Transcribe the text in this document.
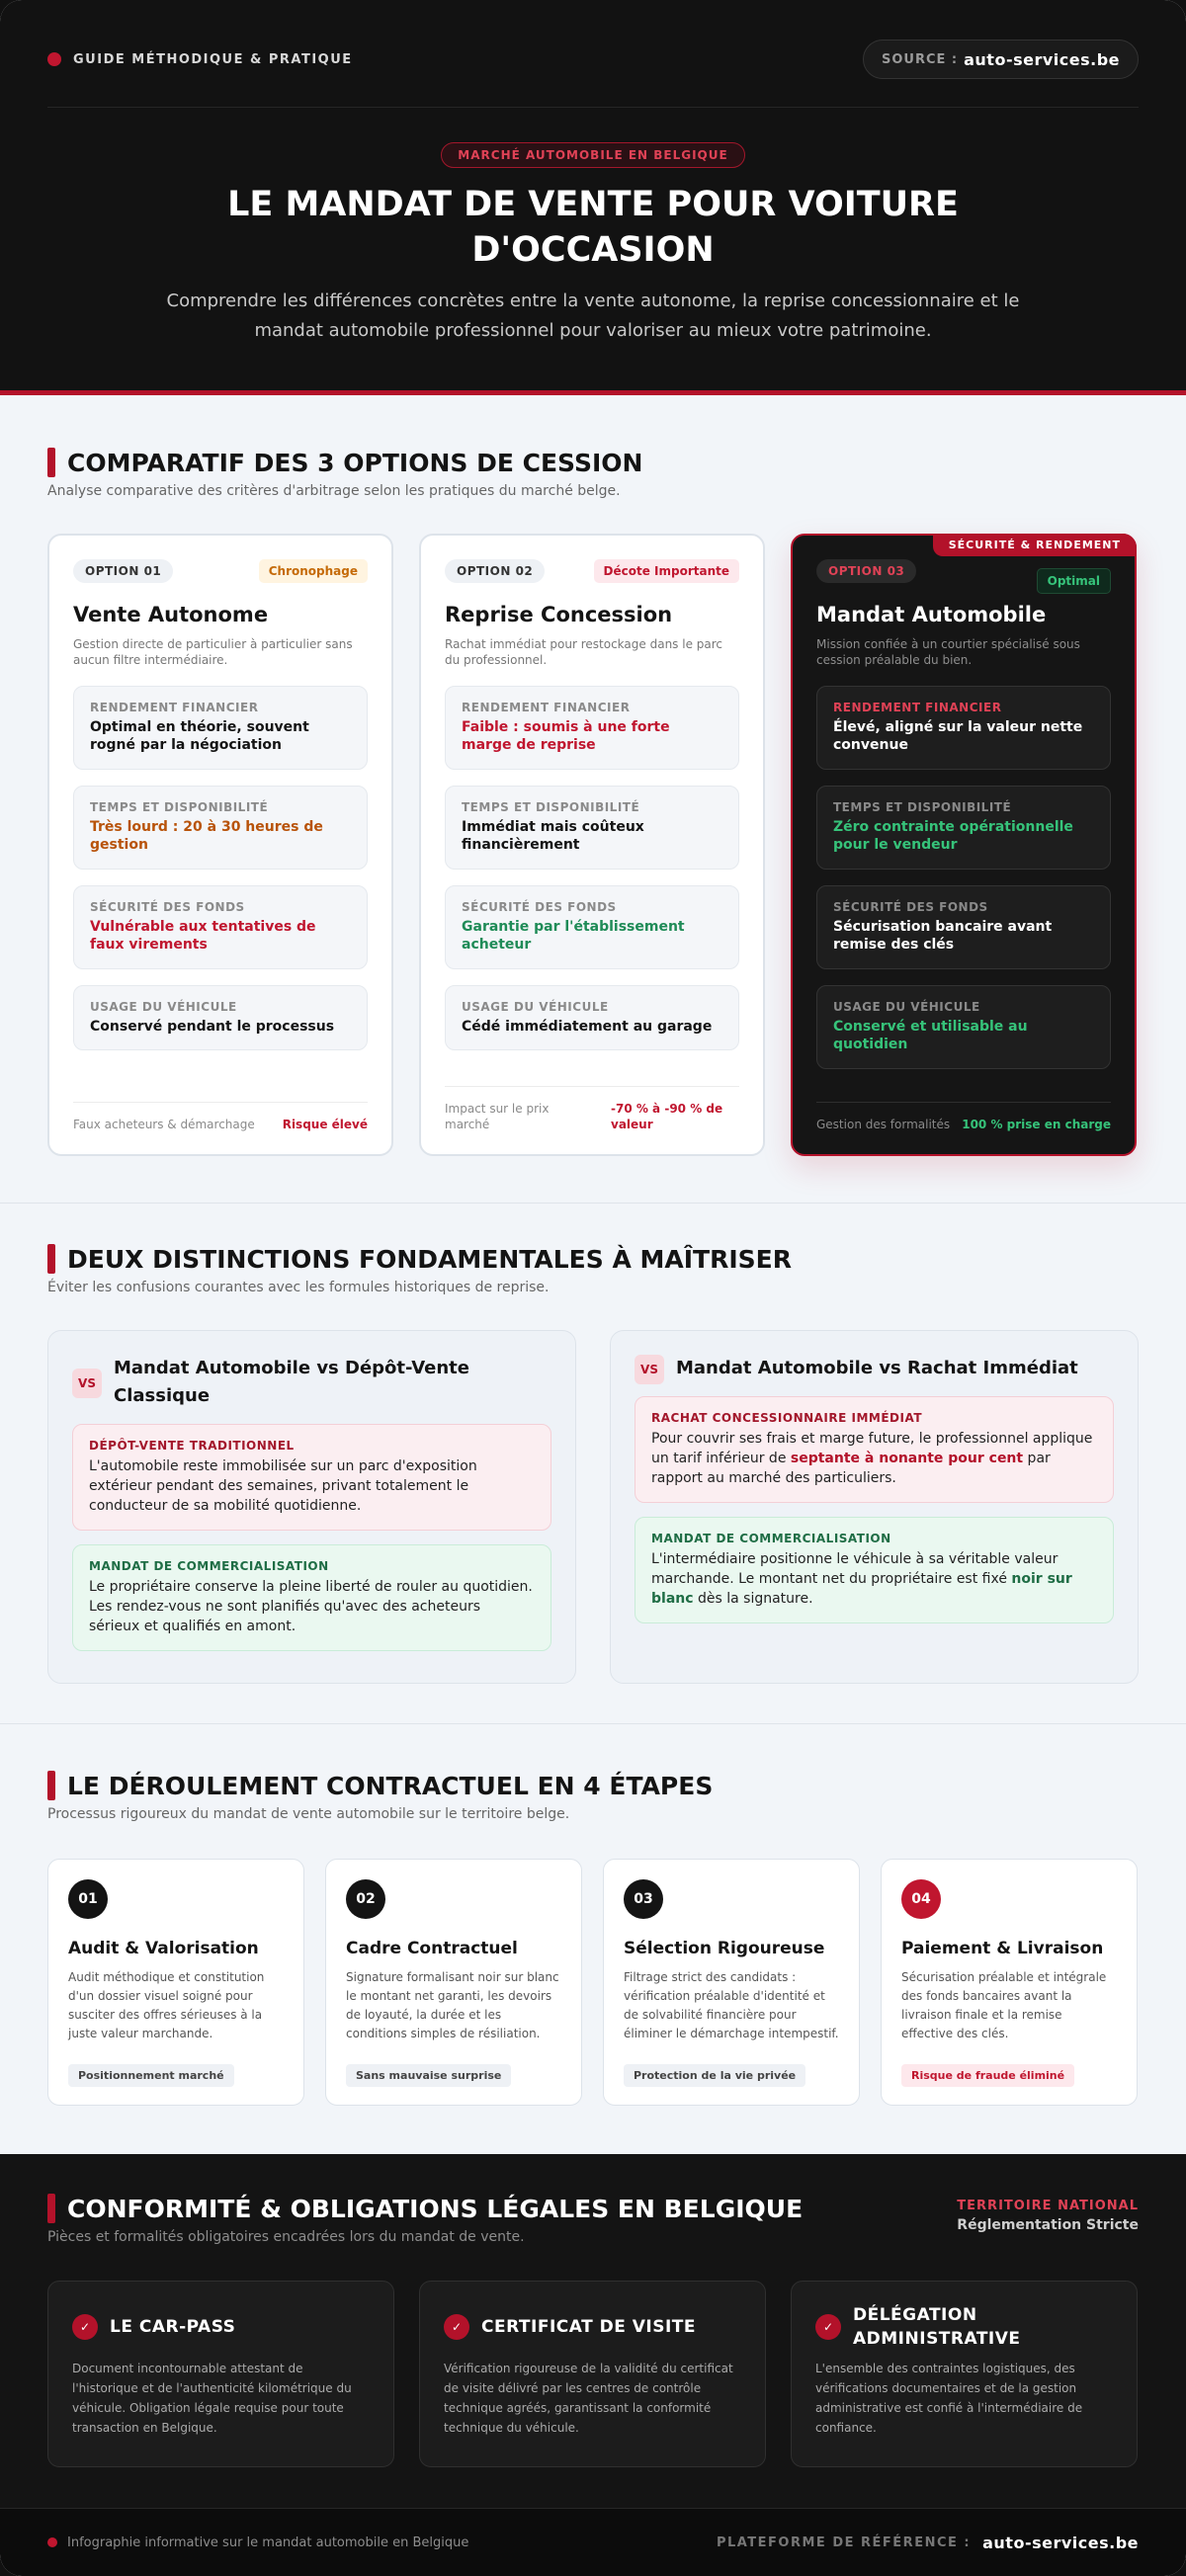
GUIDE MÉTHODIQUE & PRATIQUE	SOURCE : auto-services.be
MARCHÉ AUTOMOBILE EN BELGIQUE
LE MANDAT DE VENTE POUR VOITURE D'OCCASION

Comprendre les différences concrètes entre la vente autonome, la reprise concessionnaire et le mandat automobile professionnel pour valoriser au mieux votre patrimoine.

COMPARATIF DES 3 OPTIONS DE CESSION
Analyse comparative des critères d'arbitrage selon les pratiques du marché belge.
OPTION 01	Chronophage
Vente Autonome
Gestion directe de particulier à particulier sans aucun filtre intermédiaire.
RENDEMENT FINANCIER
Optimal en théorie, souvent rogné par la négociation
TEMPS ET DISPONIBILITÉ
Très lourd : 20 à 30 heures de gestion
SÉCURITÉ DES FONDS
Vulnérable aux tentatives de faux virements
USAGE DU VÉHICULE
Conservé pendant le processus
Faux acheteurs & démarchage Risque élevé
OPTION 02	Décote Importante
Reprise Concession
Rachat immédiat pour restockage dans le parc du professionnel.
RENDEMENT FINANCIER
Faible : soumis à une forte marge de reprise
TEMPS ET DISPONIBILITÉ
Immédiat mais coûteux financièrement
SÉCURITÉ DES FONDS
Garantie par l'établissement acheteur
USAGE DU VÉHICULE
Cédé immédiatement au garage
Impact sur le prix marché
-70 % à -90 % de valeur
SÉCURITÉ & RENDEMENT
OPTION 03
Optimal
Mandat Automobile
Mission confiée à un courtier spécialisé sous cession préalable du bien.
RENDEMENT FINANCIER
Élevé, aligné sur la valeur nette convenue
TEMPS ET DISPONIBILITÉ
Zéro contrainte opérationnelle pour le vendeur
SÉCURITÉ DES FONDS
Sécurisation bancaire avant remise des clés
USAGE DU VÉHICULE
Conservé et utilisable au quotidien
Gestion des formalités 100 % prise en charge
DEUX DISTINCTIONS FONDAMENTALES À MAÎTRISER
Éviter les confusions courantes avec les formules historiques de reprise.
VS
Mandat Automobile vs Dépôt-Vente Classique
DÉPÔT-VENTE TRADITIONNEL
L'automobile reste immobilisée sur un parc d'exposition extérieur pendant des semaines, privant totalement le conducteur de sa mobilité quotidienne.
MANDAT DE COMMERCIALISATION
Le propriétaire conserve la pleine liberté de rouler au quotidien. Les rendez-vous ne sont planifiés qu'avec des acheteurs sérieux et qualifiés en amont.
VS	Mandat Automobile vs Rachat Immédiat
RACHAT CONCESSIONNAIRE IMMÉDIAT
Pour couvrir ses frais et marge future, le professionnel applique un tarif inférieur de septante à nonante pour cent par rapport au marché des particuliers.
MANDAT DE COMMERCIALISATION
L'intermédiaire positionne le véhicule à sa véritable valeur marchande. Le montant net du propriétaire est fixé noir sur blanc dès la signature.
LE DÉROULEMENT CONTRACTUEL EN 4 ÉTAPES
Processus rigoureux du mandat de vente automobile sur le territoire belge.
01
Audit & Valorisation
Audit méthodique et constitution d'un dossier visuel soigné pour susciter des offres sérieuses à la juste valeur marchande.
Positionnement marché
02
Cadre Contractuel
Signature formalisant noir sur blanc le montant net garanti, les devoirs de loyauté, la durée et les conditions simples de résiliation.
Sans mauvaise surprise
03
Sélection Rigoureuse
Filtrage strict des candidats : vérification préalable d'identité et de solvabilité financière pour éliminer le démarchage intempestif.
Protection de la vie privée
04
Paiement & Livraison
Sécurisation préalable et intégrale des fonds bancaires avant la livraison finale et la remise effective des clés.
Risque de fraude éliminé
CONFORMITÉ & OBLIGATIONS LÉGALES EN BELGIQUE
Pièces et formalités obligatoires encadrées lors du mandat de vente.
TERRITOIRE NATIONAL
Réglementation Stricte
✓	LE CAR-PASS
Document incontournable attestant de l'historique et de l'authenticité kilométrique du véhicule. Obligation légale requise pour toute transaction en Belgique.
✓	CERTIFICAT DE VISITE
Vérification rigoureuse de la validité du certificat de visite délivré par les centres de contrôle technique agréés, garantissant la conformité technique du véhicule.
✓
DÉLÉGATION ADMINISTRATIVE
L'ensemble des contraintes logistiques, des vérifications documentaires et de la gestion administrative est confié à l'intermédiaire de confiance.
Infographie informative sur le mandat automobile en Belgique	PLATEFORME DE RÉFÉRENCE : auto-services.be
